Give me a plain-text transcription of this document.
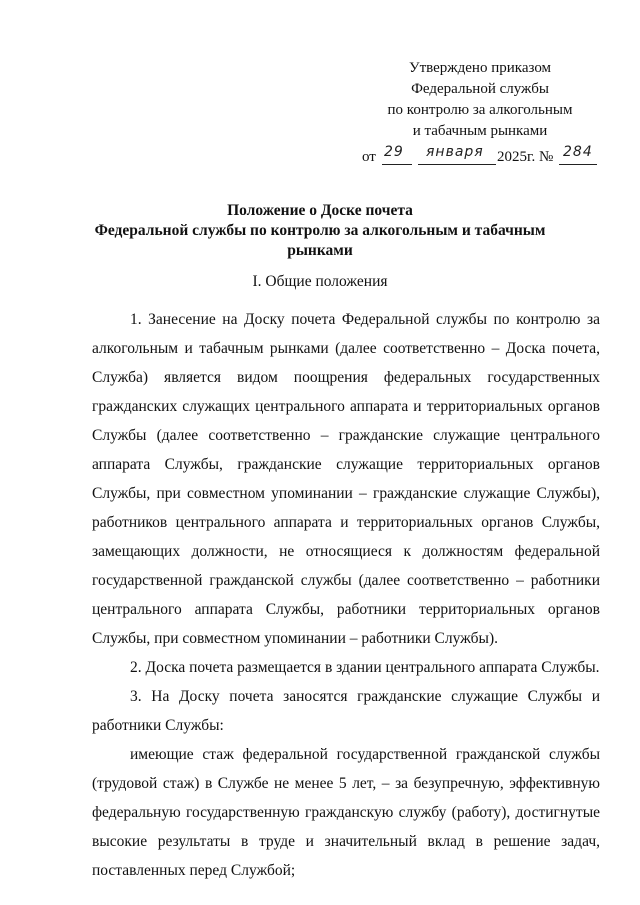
Утверждено приказом
Федеральной службы
по контролю за алкогольным
и табачным рынками
от 29 января 2025г. № 284
Положение о Доске почета
Федеральной службы по контролю за алкогольным и табачным
рынками
I. Общие положения

1. Занесение на Доску почета Федеральной службы по контролю за алкогольным и табачным рынками (далее соответственно – Доска почета, Служба) является видом поощрения федеральных государственных гражданских служащих центрального аппарата и территориальных органов Службы (далее соответственно – гражданские служащие центрального аппарата Службы, гражданские служащие территориальных органов Службы, при совместном упоминании – гражданские служащие Службы), работников центрального аппарата и территориальных органов Службы, замещающих должности, не относящиеся к должностям федеральной государственной гражданской службы (далее соответственно – работники центрального аппарата Службы, работники территориальных органов Службы, при совместном упоминании – работники Службы).

2. Доска почета размещается в здании центрального аппарата Службы.

3. На Доску почета заносятся гражданские служащие Службы и работники Службы:

имеющие стаж федеральной государственной гражданской службы (трудовой стаж) в Службе не менее 5 лет, – за безупречную, эффективную федеральную государственную гражданскую службу (работу), достигнутые высокие результаты в труде и значительный вклад в решение задач, поставленных перед Службой;
